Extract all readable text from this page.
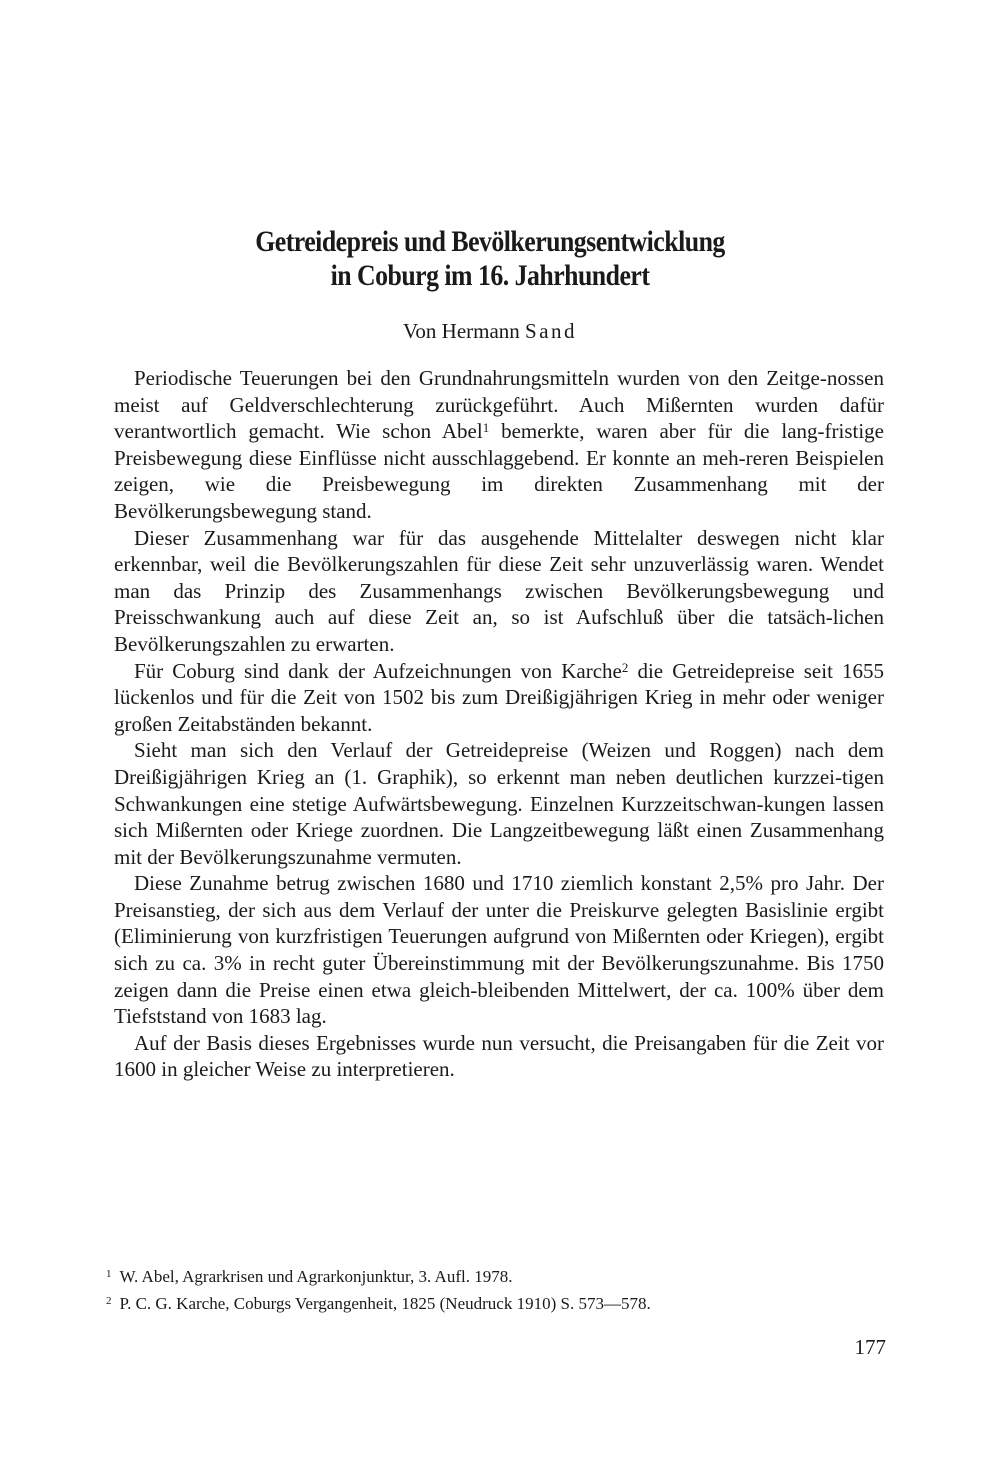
Getreidepreis und Bevölkerungsentwicklung
in Coburg im 16. Jahrhundert
Von Hermann Sand

Periodische Teuerungen bei den Grundnahrungsmitteln wurden von den Zeitge-nossen meist auf Geldverschlechterung zurückgeführt. Auch Mißernten wurden dafür verantwortlich gemacht. Wie schon Abel$^1$ bemerkte, waren aber für die lang-fristige Preisbewegung diese Einflüsse nicht ausschlaggebend. Er konnte an meh-reren Beispielen zeigen, wie die Preisbewegung im direkten Zusammenhang mit der Bevölkerungsbewegung stand.

Dieser Zusammenhang war für das ausgehende Mittelalter deswegen nicht klar erkennbar, weil die Bevölkerungszahlen für diese Zeit sehr unzuverlässig waren. Wendet man das Prinzip des Zusammenhangs zwischen Bevölkerungsbewegung und Preisschwankung auch auf diese Zeit an, so ist Aufschluß über die tatsäch-lichen Bevölkerungszahlen zu erwarten.

Für Coburg sind dank der Aufzeichnungen von Karche$^2$ die Getreidepreise seit 1655 lückenlos und für die Zeit von 1502 bis zum Dreißigjährigen Krieg in mehr oder weniger großen Zeitabständen bekannt.

Sieht man sich den Verlauf der Getreidepreise (Weizen und Roggen) nach dem Dreißigjährigen Krieg an (1. Graphik), so erkennt man neben deutlichen kurzzei-tigen Schwankungen eine stetige Aufwärtsbewegung. Einzelnen Kurzzeitschwan-kungen lassen sich Mißernten oder Kriege zuordnen. Die Langzeitbewegung läßt einen Zusammenhang mit der Bevölkerungszunahme vermuten.

Diese Zunahme betrug zwischen 1680 und 1710 ziemlich konstant 2,5% pro Jahr. Der Preisanstieg, der sich aus dem Verlauf der unter die Preiskurve gelegten Basislinie ergibt (Eliminierung von kurzfristigen Teuerungen aufgrund von Mißernten oder Kriegen), ergibt sich zu ca. 3% in recht guter Übereinstimmung mit der Bevölkerungszunahme. Bis 1750 zeigen dann die Preise einen etwa gleich-bleibenden Mittelwert, der ca. 100% über dem Tiefststand von 1683 lag.

Auf der Basis dieses Ergebnisses wurde nun versucht, die Preisangaben für die Zeit vor 1600 in gleicher Weise zu interpretieren.

$^1$ W. Abel, Agrarkrisen und Agrarkonjunktur, 3. Aufl. 1978.
$^2$ P. C. G. Karche, Coburgs Vergangenheit, 1825 (Neudruck 1910) S. 573—578.
177
